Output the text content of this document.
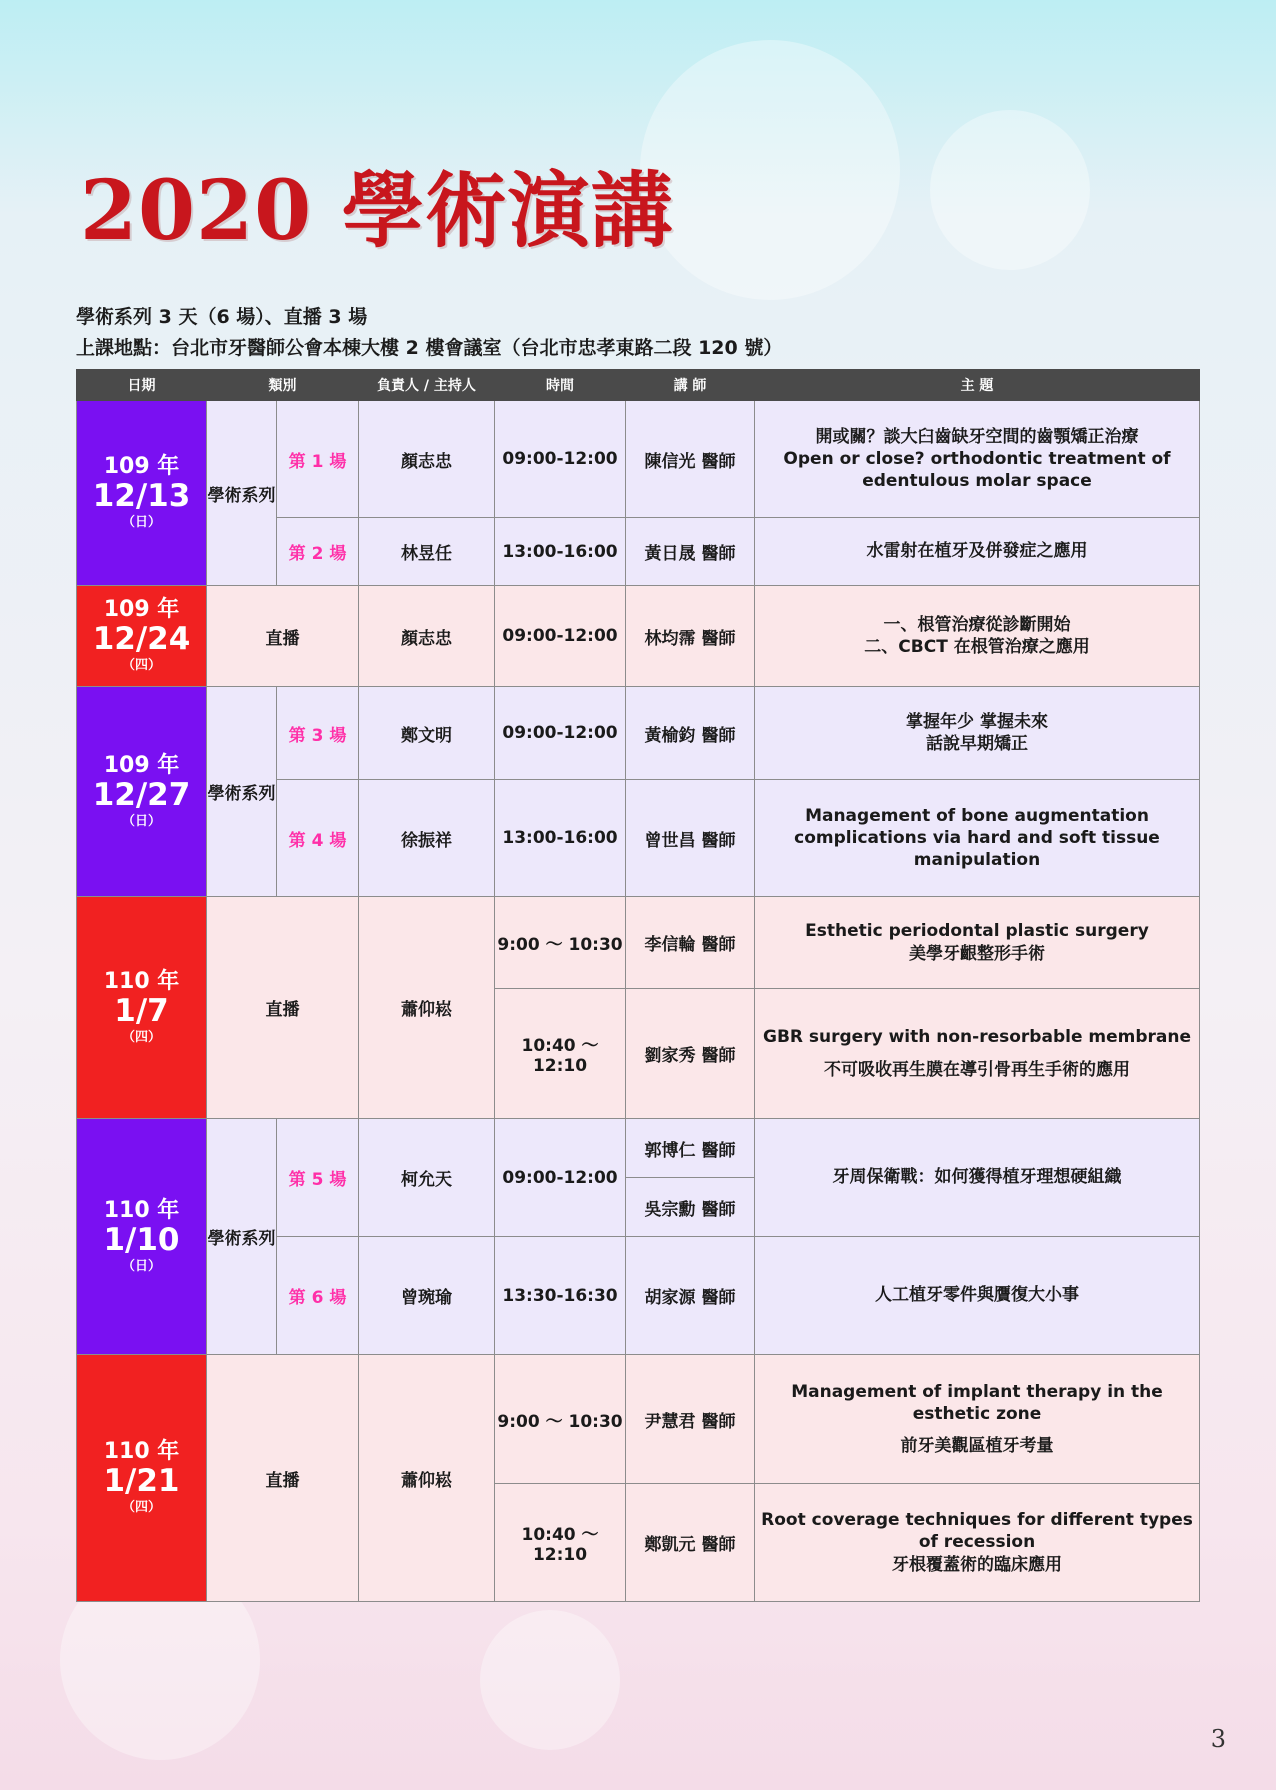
2020 學術演講
學術系列 3 天（6 場）、直播 3 場
上課地點：台北市牙醫師公會本棟大樓 2 樓會議室（台北市忠孝東路二段 120 號）
日期	類別		負責人 / 主持人	時間	講 師	主 題

109 年
12/13
（日）	學術系列	第 1 場	顏志忠	09:00-12:00	陳信光 醫師	開或關？談大臼齒缺牙空間的齒顎矯正治療
Open or close? orthodontic treatment of edentulous molar space

		第 2 場	林昱任	13:00-16:00	黃日晟 醫師	水雷射在植牙及併發症之應用

109 年
12/24
（四）	直播		顏志忠	09:00-12:00	林均霈 醫師	一、根管治療從診斷開始
二、CBCT 在根管治療之應用

109 年
12/27
（日）	學術系列	第 3 場	鄭文明	09:00-12:00	黃榆鈞 醫師	掌握年少 掌握未來
話說早期矯正

		第 4 場	徐振祥	13:00-16:00	曾世昌 醫師	Management of bone augmentation complications via hard and soft tissue manipulation

110 年
1/7
（四）	直播		蕭仰崧	9:00 ～ 10:30	李信輪 醫師	Esthetic periodontal plastic surgery
美學牙齦整形手術

				10:40 ～ 12:10	劉家秀 醫師	GBR surgery with non-resorbable membrane
不可吸收再生膜在導引骨再生手術的應用

110 年
1/10
（日）	學術系列	第 5 場	柯允天	09:00-12:00	郭博仁 醫師	牙周保衛戰：如何獲得植牙理想硬組織

					吳宗勳 醫師	
		第 6 場	曾琬瑜	13:30-16:30	胡家源 醫師	人工植牙零件與贋復大小事

110 年
1/21
（四）	直播		蕭仰崧	9:00 ～ 10:30	尹慧君 醫師	Management of implant therapy in the esthetic zone
前牙美觀區植牙考量

				10:40 ～ 12:10	鄭凱元 醫師	Root coverage techniques for different types of recession
牙根覆蓋術的臨床應用
3
